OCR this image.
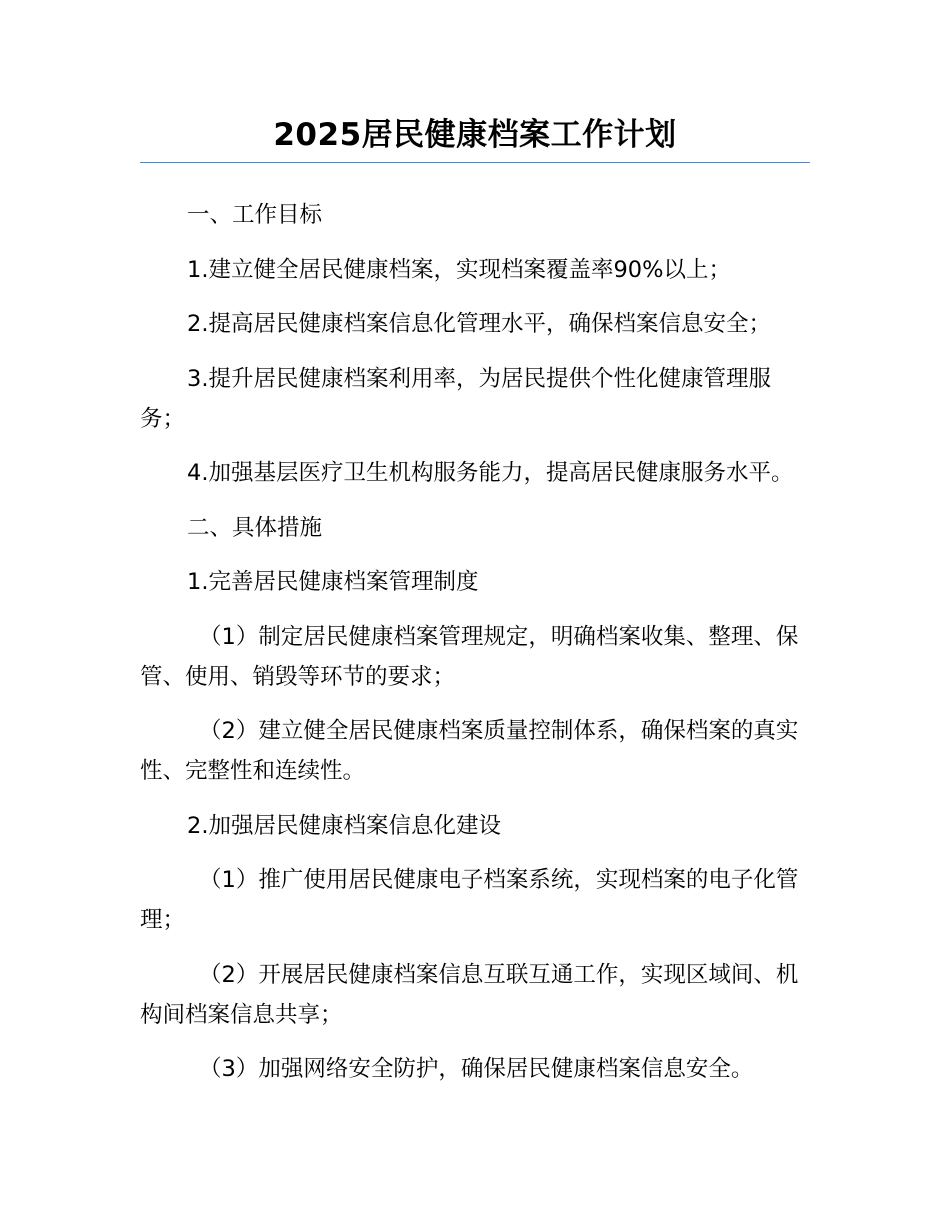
2025居民健康档案工作计划

一、工作目标

1.建立健全居民健康档案，实现档案覆盖率90%以上；

2.提高居民健康档案信息化管理水平，确保档案信息安全；

3.提升居民健康档案利用率，为居民提供个性化健康管理服务；

4.加强基层医疗卫生机构服务能力，提高居民健康服务水平。

二、具体措施

1.完善居民健康档案管理制度

（1）制定居民健康档案管理规定，明确档案收集、整理、保管、使用、销毁等环节的要求；

（2）建立健全居民健康档案质量控制体系，确保档案的真实性、完整性和连续性。

2.加强居民健康档案信息化建设

（1）推广使用居民健康电子档案系统，实现档案的电子化管理；

（2）开展居民健康档案信息互联互通工作，实现区域间、机构间档案信息共享；

（3）加强网络安全防护，确保居民健康档案信息安全。
